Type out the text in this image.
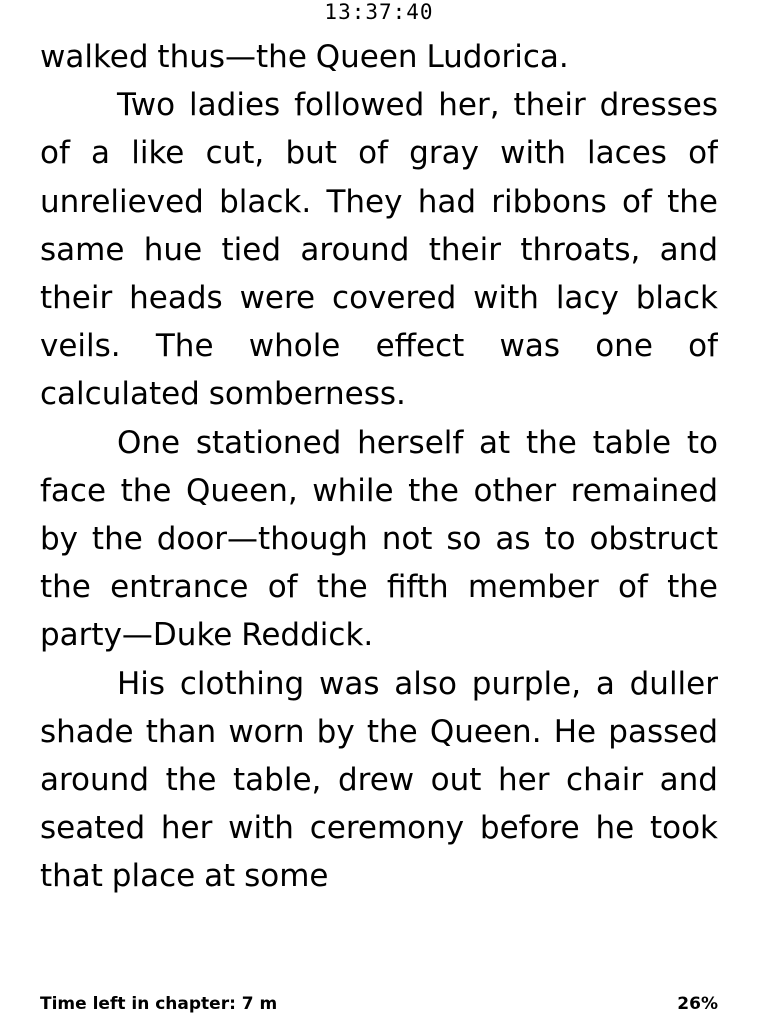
13:37:40

walked thus—the Queen Ludorica.

Two ladies followed her, their dresses of a like cut, but of gray with laces of unrelieved black. They had ribbons of the same hue tied around their throats, and their heads were covered with lacy black veils. The whole effect was one of calculated somberness.

One stationed herself at the table to face the Queen, while the other remained by the door—though not so as to obstruct the entrance of the fifth member of the party—Duke Reddick.

His clothing was also purple, a duller shade than worn by the Queen. He passed around the table, drew out her chair and seated her with ceremony before he took that place at some

Time left in chapter: 7 m	26%
